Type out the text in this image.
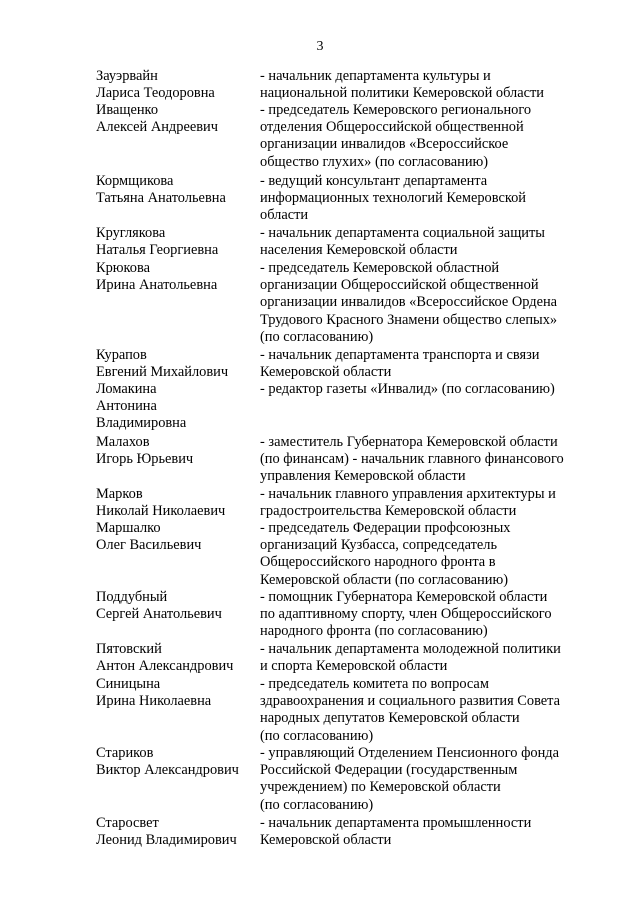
3
Зауэрвайн
Лариса Теодоровна
- начальник департамента культуры и
национальной политики Кемеровской области
Иващенко
Алексей Андреевич
- председатель Кемеровского регионального
отделения Общероссийской общественной
организации инвалидов «Всероссийское
общество глухих» (по согласованию)
Кормщикова
Татьяна Анатольевна
- ведущий консультант департамента
информационных технологий Кемеровской
области
Круглякова
Наталья Георгиевна
- начальник департамента социальной защиты
населения Кемеровской области
Крюкова
Ирина Анатольевна
- председатель Кемеровской областной
организации Общероссийской общественной
организации инвалидов «Всероссийское Ордена
Трудового Красного Знамени общество слепых»
(по согласованию)
Курапов
Евгений Михайлович
- начальник департамента транспорта и связи
Кемеровской области
Ломакина
Антонина
Владимировна
- редактор газеты «Инвалид» (по согласованию)
Малахов
Игорь Юрьевич
- заместитель Губернатора Кемеровской области
(по финансам) - начальник главного финансового
управления Кемеровской области
Марков
Николай Николаевич
- начальник главного управления архитектуры и
градостроительства Кемеровской области
Маршалко
Олег Васильевич
- председатель Федерации профсоюзных
организаций Кузбасса, сопредседатель
Общероссийского народного фронта в
Кемеровской области (по согласованию)
Поддубный
Сергей Анатольевич
- помощник Губернатора Кемеровской области
по адаптивному спорту, член Общероссийского
народного фронта (по согласованию)
Пятовский
Антон Александрович
- начальник департамента молодежной политики
и спорта Кемеровской области
Синицына
Ирина Николаевна
- председатель комитета по вопросам
здравоохранения и социального развития Совета
народных депутатов Кемеровской области
(по согласованию)
Стариков
Виктор Александрович
- управляющий Отделением Пенсионного фонда
Российской Федерации (государственным
учреждением) по Кемеровской области
(по согласованию)
Старосвет
Леонид Владимирович
- начальник департамента промышленности
Кемеровской области
